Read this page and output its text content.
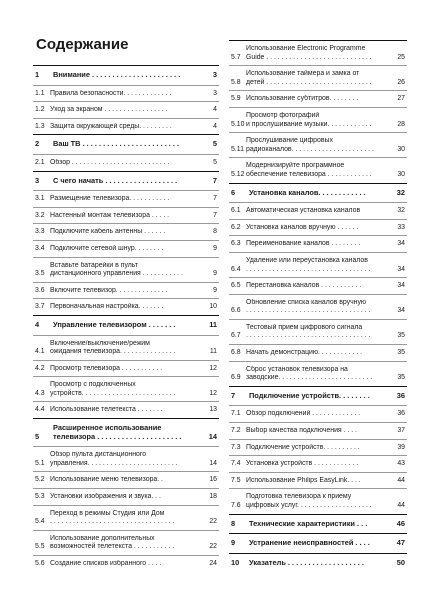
Содержание
1	Внимание . . . . . . . . . . . . . . . . . . . . . .	3
1.1 Правила безопасности. . . . . . . . . . . . .	3
1.2 Уход за экраном . . . . . . . . . . . . . . . . .	4
1.3 Защита окружающей среды. . . . . . . . .	4
2	Ваш ТВ . . . . . . . . . . . . . . . . . . . . . . . .	5
2.1 Обзор . . . . . . . . . . . . . . . . . . . . . . . . . .	5
3	С чего начать . . . . . . . . . . . . . . . . . .	7
3.1 Размещение телевизора. . . . . . . . . . .	7
3.2 Настенный монтаж телевизора . . . . .	7
3.3 Подключите кабель антенны . . . . . .	8
3.4 Подключите сетевой шнур. . . . . . . .	9
3.5
Вставьте батарейки в пульт
дистанционного управления . . . . . . . . . . .	9
3.6 Включите телевизор. . . . . . . . . . . . . .	9
3.7 Первоначальная настройка. . . . . . .	10
4	Управление телевизором . . . . . . .	11
4.1
Включение/выключение/режим
ожидания телевизора. . . . . . . . . . . . . . .	11
4.2 Просмотр телевизора . . . . . . . . . . .	12
4.3
Просмотр с подключенных
устройств. . . . . . . . . . . . . . . . . . . . . . . . .	12
4.4 Использование телетекста . . . . . . .	13
5
Расширенное использование
телевизора . . . . . . . . . . . . . . . . . . . . .	14
5.1
Обзор пульта дистанционного
управления. . . . . . . . . . . . . . . . . . . . . . . .	14
5.2 Использование меню телевизора. .	16
5.3 Установки изображения и звука. . .	18
5.4
Переход в режимы Студия или Дом
. . . . . . . . . . . . . . . . . . . . . . . . . . . . . . . . .	22
5.5
Использование дополнительных
возможностей телетекста . . . . . . . . . . .	22
5.6 Создание списков избранного . . . .	24
5.7
Использование Electronic Programme
Guide . . . . . . . . . . . . . . . . . . . . . . . . . . . .	25
5.8
Использование таймера и замка от
детей . . . . . . . . . . . . . . . . . . . . . . . . . . . .	26
5.9 Использование субтитров. . . . . . . .	27
5.10
Просмотр фотографий
и прослушивание музыки. . . . . . . . . . . .	28
5.11
Прослушивание цифровых
радиоканалов. . . . . . . . . . . . . . . . . . . . . .	30
5.12
Модернизируйте программное
обеспечение телевизора . . . . . . . . . . . .	30
6	Установка каналов. . . . . . . . . . . .	32
6.1 Автоматическая установка каналов	32
6.2 Установка каналов вручную . . . . . .	33
6.3 Переименование каналов . . . . . . . .	34
6.4
Удаление или переустановка каналов
. . . . . . . . . . . . . . . . . . . . . . . . . . . . . . . . .	34
6.5 Перестановка каналов . . . . . . . . . . .	34
6.6
Обновление списка каналов вручную
. . . . . . . . . . . . . . . . . . . . . . . . . . . . . . . . .	34
6.7
Тестовый прием цифрового сигнала
. . . . . . . . . . . . . . . . . . . . . . . . . . . . . . . . .	35
6.8 Начать демонстрацию. . . . . . . . . . . .	35
6.9
Сброс установок телевизора на
заводские. . . . . . . . . . . . . . . . . . . . . . . . .	35
7	Подключение устройств. . . . . . . .	36
7.1 Обзор подключений . . . . . . . . . . . . .	36
7.2 Выбор качества подключения . . . .	37
7.3 Подключение устройств. . . . . . . . . .	39
7.4 Установка устройств . . . . . . . . . . . .	43
7.5 Использование Philips EasyLink. . . .	44
7.6
Подготовка телевизора к приему
цифровых услуг. . . . . . . . . . . . . . . . . . . .	44
8	Технические характеристики . . .	46
9	Устранение неисправностей . . . .	47
10	Указатель . . . . . . . . . . . . . . . . . . .	50
